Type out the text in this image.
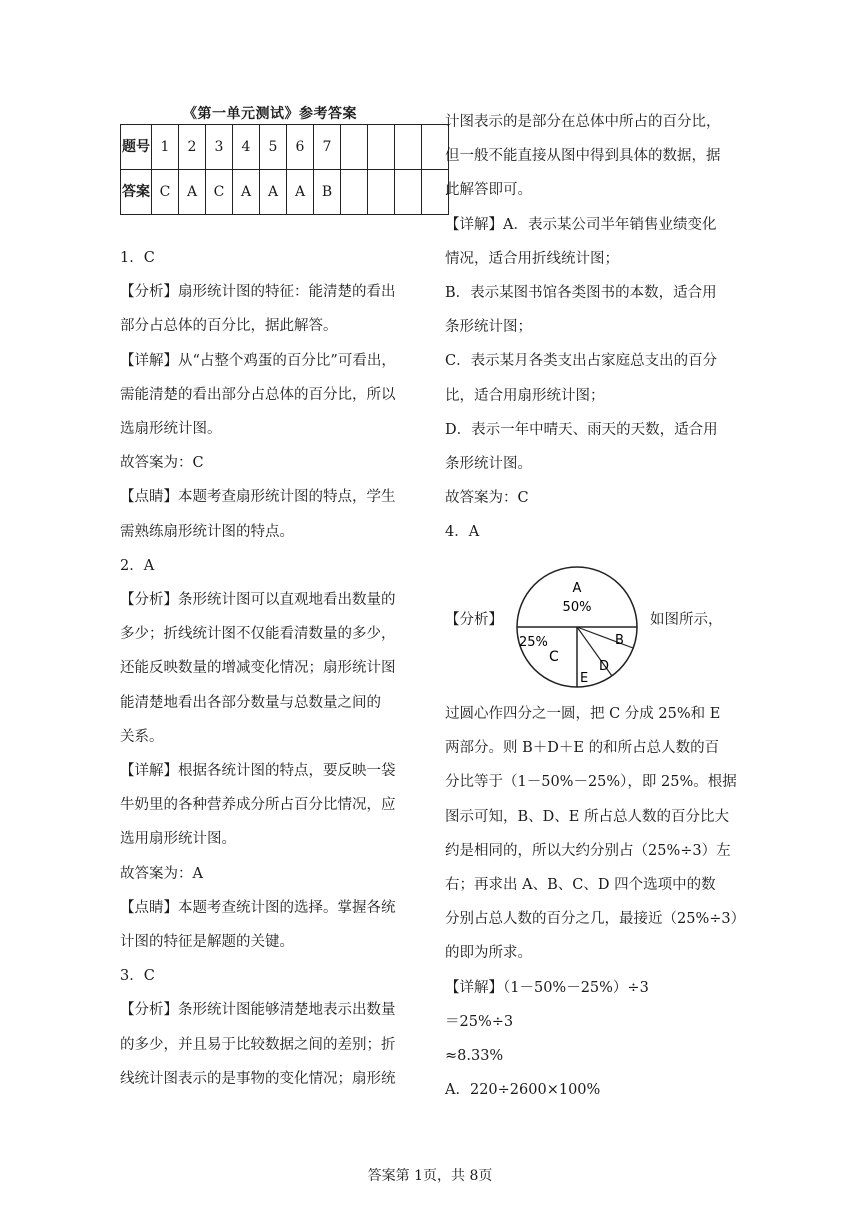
《第一单元测试》参考答案
题号	1	2	3	4	5	6	7				
答案	C	A	C	A	A	A	B				

1．C

【分析】扇形统计图的特征：能清楚的看出

部分占总体的百分比，据此解答。

【详解】从“占整个鸡蛋的百分比”可看出，

需能清楚的看出部分占总体的百分比，所以

选扇形统计图。

故答案为：C

【点睛】本题考查扇形统计图的特点，学生

需熟练扇形统计图的特点。

2．A

【分析】条形统计图可以直观地看出数量的

多少；折线统计图不仅能看清数量的多少，

还能反映数量的增减变化情况；扇形统计图

能清楚地看出各部分数量与总数量之间的

关系。

【详解】根据各统计图的特点，要反映一袋

牛奶里的各种营养成分所占百分比情况，应

选用扇形统计图。

故答案为：A

【点睛】本题考查统计图的选择。掌握各统

计图的特征是解题的关键。

3．C

【分析】条形统计图能够清楚地表示出数量

的多少，并且易于比较数据之间的差别；折

线统计图表示的是事物的变化情况；扇形统

计图表示的是部分在总体中所占的百分比，

但一般不能直接从图中得到具体的数据，据

此解答即可。

【详解】A．表示某公司半年销售业绩变化

情况，适合用折线统计图；

B．表示某图书馆各类图书的本数，适合用

条形统计图；

C．表示某月各类支出占家庭总支出的百分

比，适合用扇形统计图；

D．表示一年中晴天、雨天的天数，适合用

条形统计图。

故答案为：C

4．A

【分析】
A
50%
25%
C
B
D
E
如图所示，

过圆心作四分之一圆，把 C 分成 25%和 E

两部分。则 B＋D＋E 的和所占总人数的百

分比等于（1－50%－25%），即 25%。根据

图示可知，B、D、E 所占总人数的百分比大

约是相同的，所以大约分别占（25%÷3）左

右；再求出 A、B、C、D 四个选项中的数

分别占总人数的百分之几，最接近（25%÷3）

的即为所求。

【详解】（1－50%－25%）÷3

＝25%÷3

≈8.33%

A．220÷2600×100%

答案第 1页，共 8页
